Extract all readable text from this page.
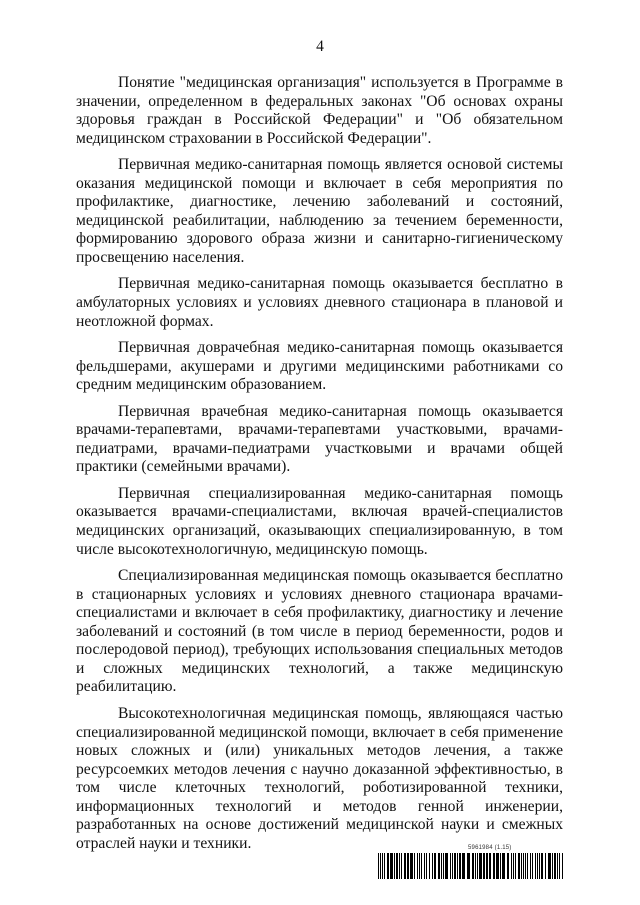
4

Понятие "медицинская организация" используется в Программе в значении, определенном в федеральных законах "Об основах охраны здоровья граждан в Российской Федерации" и "Об обязательном медицинском страховании в Российской Федерации".

Первичная медико-санитарная помощь является основой системы оказания медицинской помощи и включает в себя мероприятия по профилактике, диагностике, лечению заболеваний и состояний, медицинской реабилитации, наблюдению за течением беременности, формированию здорового образа жизни и санитарно-гигиеническому просвещению населения.

Первичная медико-санитарная помощь оказывается бесплатно в амбулаторных условиях и условиях дневного стационара в плановой и неотложной формах.

Первичная доврачебная медико-санитарная помощь оказывается фельдшерами, акушерами и другими медицинскими работниками со средним медицинским образованием.

Первичная врачебная медико-санитарная помощь оказывается врачами-терапевтами, врачами-терапевтами участковыми, врачами-педиатрами, врачами-педиатрами участковыми и врачами общей практики (семейными врачами).

Первичная специализированная медико-санитарная помощь оказывается врачами-специалистами, включая врачей-специалистов медицинских организаций, оказывающих специализированную, в том числе высокотехнологичную, медицинскую помощь.

Специализированная медицинская помощь оказывается бесплатно в стационарных условиях и условиях дневного стационара врачами-специалистами и включает в себя профилактику, диагностику и лечение заболеваний и состояний (в том числе в период беременности, родов и послеродовой период), требующих использования специальных методов и сложных медицинских технологий, а также медицинскую реабилитацию.

Высокотехнологичная медицинская помощь, являющаяся частью специализированной медицинской помощи, включает в себя применение новых сложных и (или) уникальных методов лечения, а также ресурсоемких методов лечения с научно доказанной эффективностью, в том числе клеточных технологий, роботизированной техники, информационных технологий и методов генной инженерии, разработанных на основе достижений медицинской науки и смежных отраслей науки и техники.	5961984 (1.15)
